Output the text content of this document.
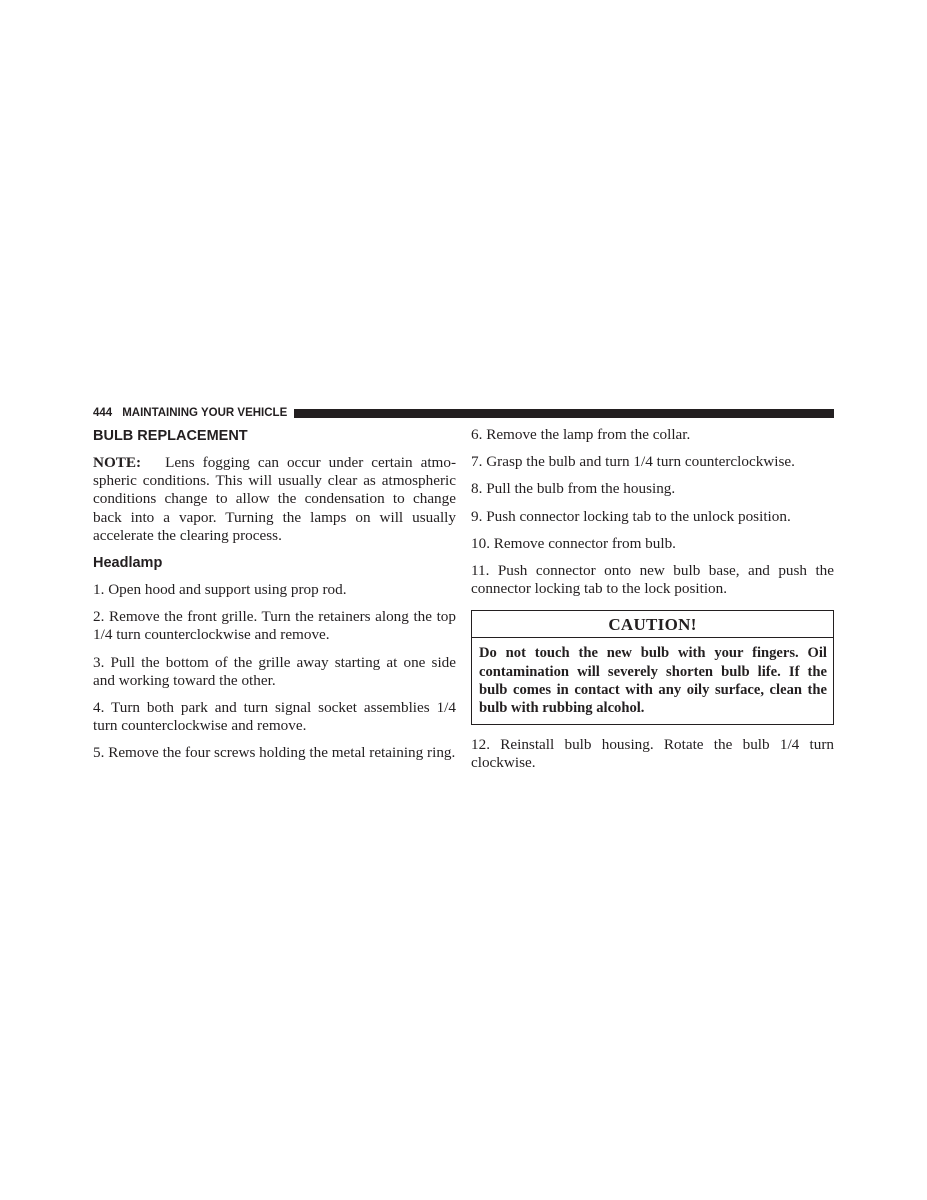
444 MAINTAINING YOUR VEHICLE
BULB REPLACEMENT

NOTE: Lens fogging can occur under certain atmo-spheric conditions. This will usually clear as atmospheric conditions change to allow the condensation to change back into a vapor. Turning the lamps on will usually accelerate the clearing process.

Headlamp

1. Open hood and support using prop rod.

2. Remove the front grille. Turn the retainers along the top 1/4 turn counterclockwise and remove.

3. Pull the bottom of the grille away starting at one side and working toward the other.

4. Turn both park and turn signal socket assemblies 1/4 turn counterclockwise and remove.

5. Remove the four screws holding the metal retaining ring.

6. Remove the lamp from the collar.

7. Grasp the bulb and turn 1/4 turn counterclockwise.

8. Pull the bulb from the housing.

9. Push connector locking tab to the unlock position.

10. Remove connector from bulb.

11. Push connector onto new bulb base, and push the connector locking tab to the lock position.

CAUTION!

Do not touch the new bulb with your fingers. Oil contamination will severely shorten bulb life. If the bulb comes in contact with any oily surface, clean the bulb with rubbing alcohol.

12. Reinstall bulb housing. Rotate the bulb 1/4 turn clockwise.
